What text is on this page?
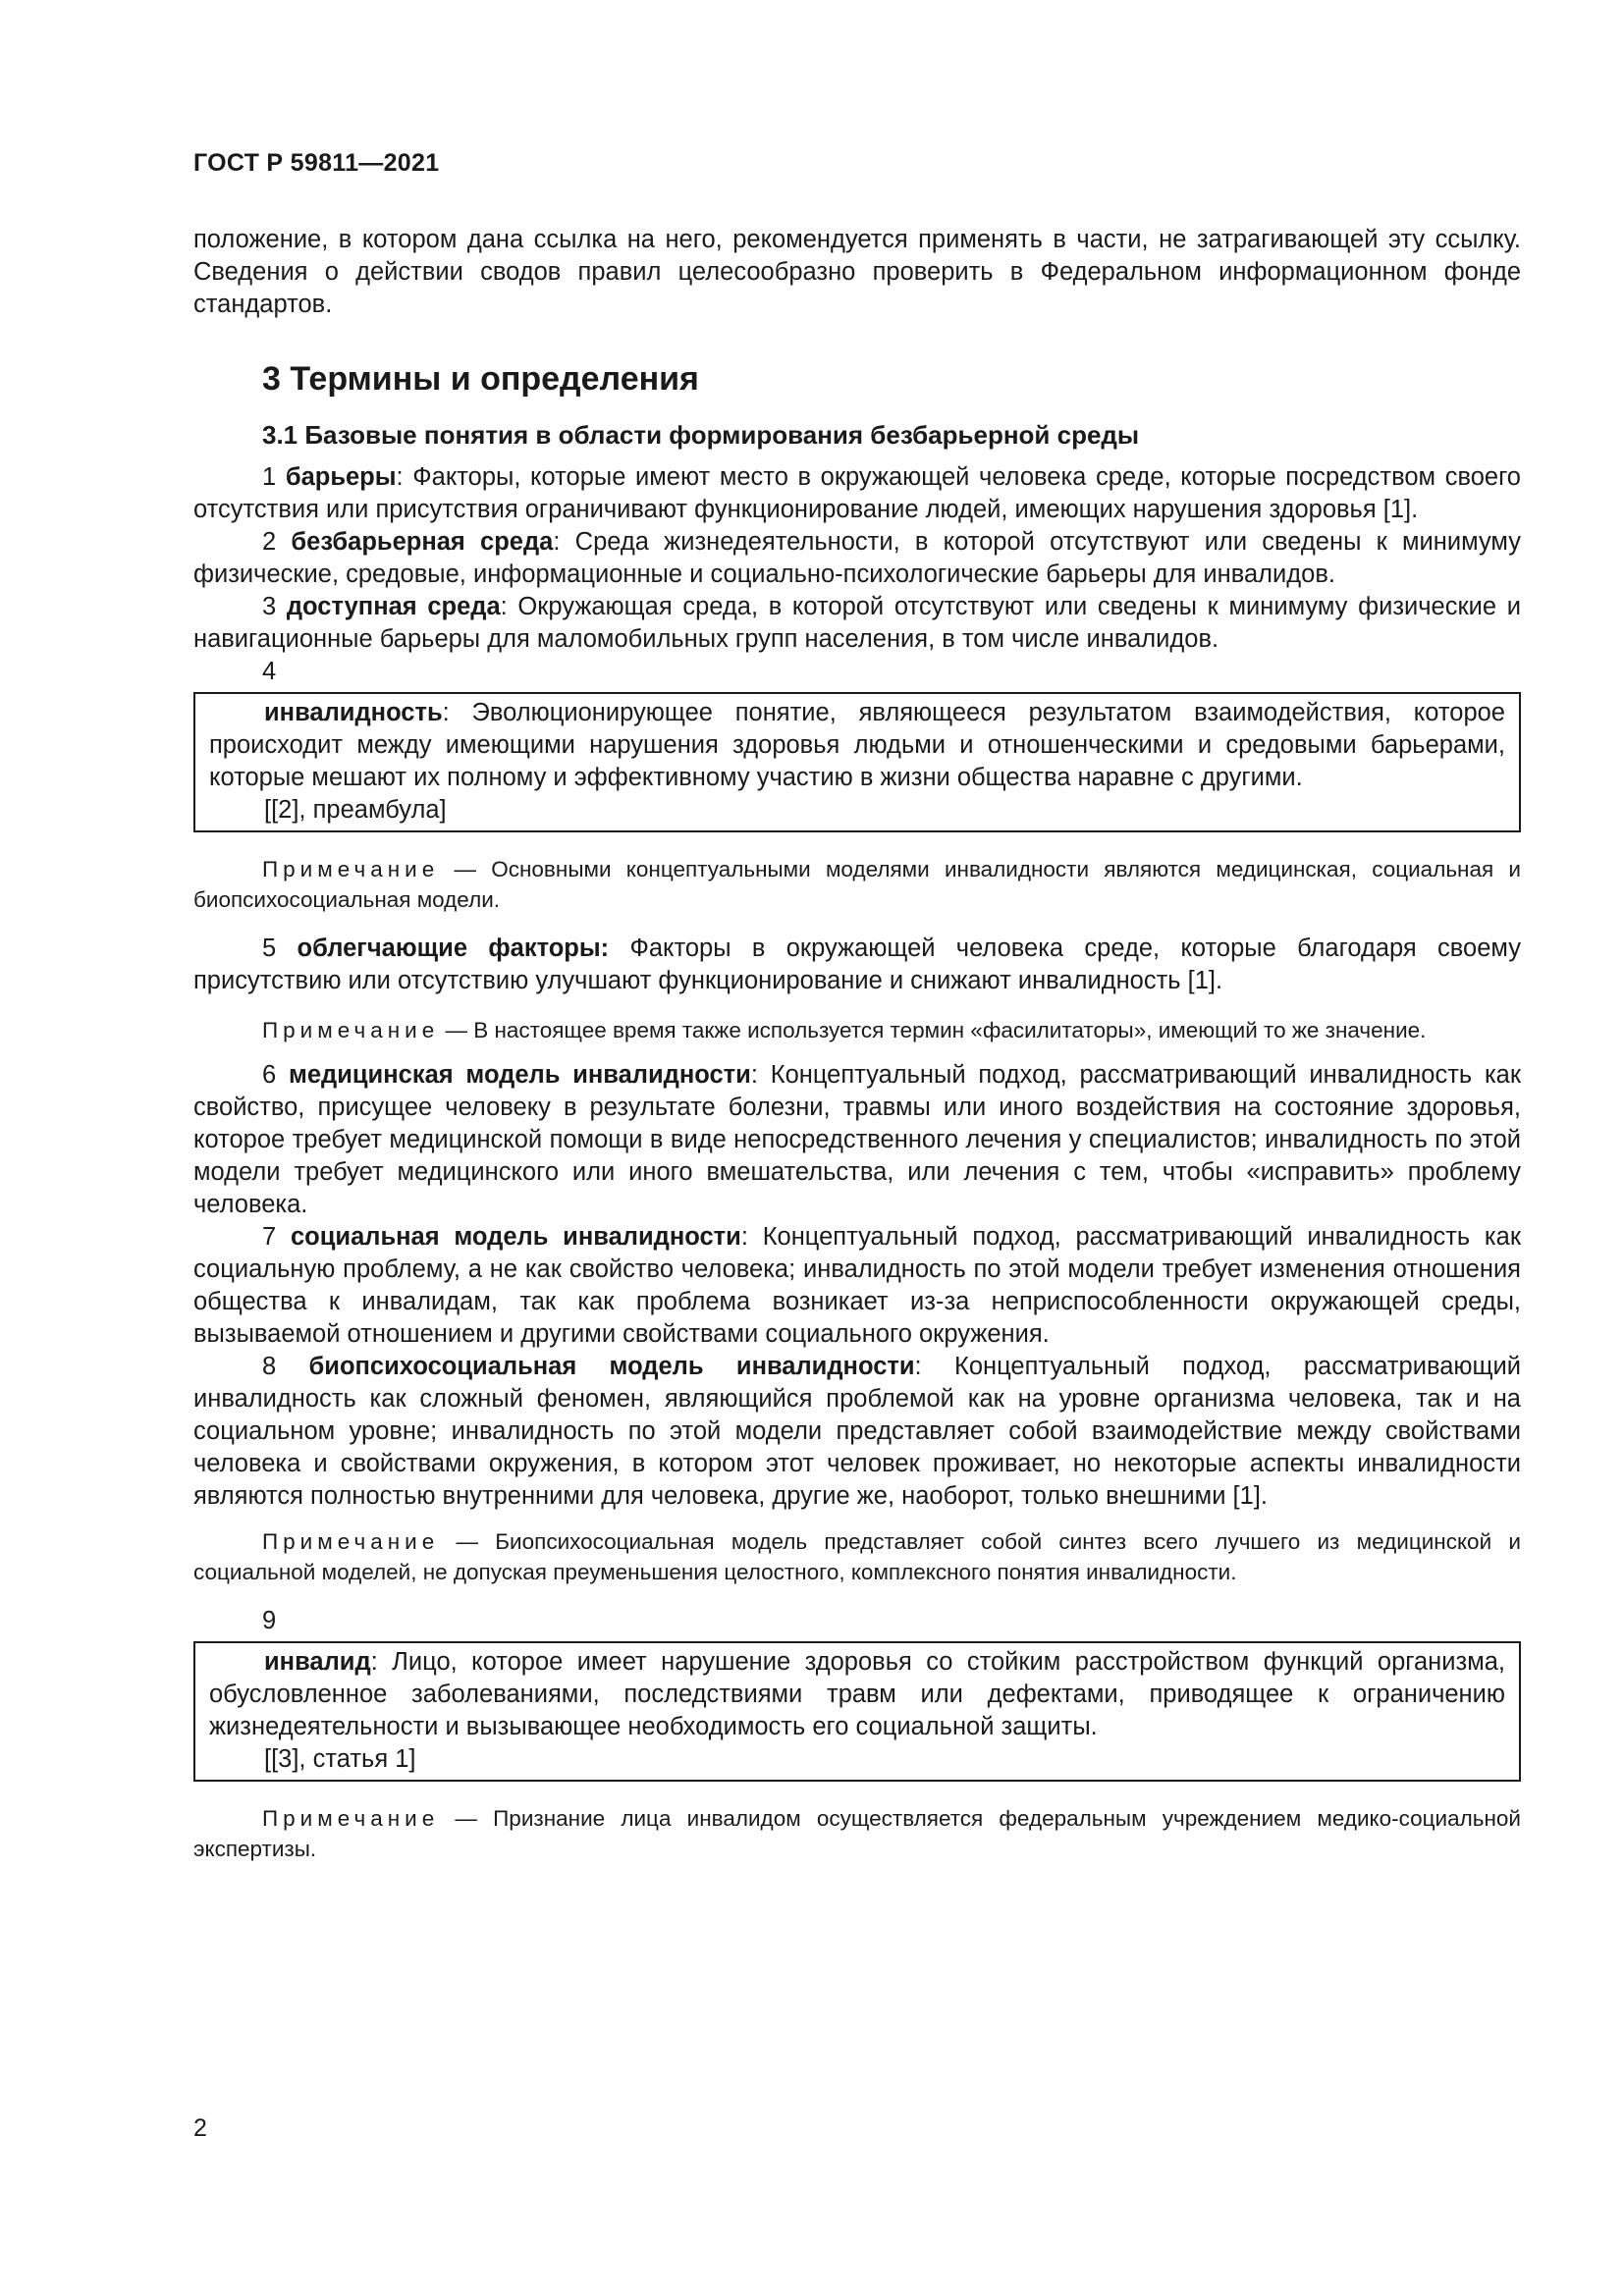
ГОСТ Р 59811—2021

положение, в котором дана ссылка на него, рекомендуется применять в части, не затрагивающей эту ссылку. Сведения о действии сводов правил целесообразно проверить в Федеральном информационном фонде стандартов.

3 Термины и определения
3.1 Базовые понятия в области формирования безбарьерной среды

1 барьеры: Факторы, которые имеют место в окружающей человека среде, которые посредством своего отсутствия или присутствия ограничивают функционирование людей, имеющих нарушения здоровья [1].

2 безбарьерная среда: Среда жизнедеятельности, в которой отсутствуют или сведены к минимуму физические, средовые, информационные и социально-психологические барьеры для инвалидов.

3 доступная среда: Окружающая среда, в которой отсутствуют или сведены к минимуму физические и навигационные барьеры для маломобильных групп населения, в том числе инвалидов.

4

инвалидность: Эволюционирующее понятие, являющееся результатом взаимодействия, которое происходит между имеющими нарушения здоровья людьми и отношенческими и средовыми барьерами, которые мешают их полному и эффективному участию в жизни общества наравне с другими.

[[2], преамбула]

Примечание — Основными концептуальными моделями инвалидности являются медицинская, социальная и биопсихосоциальная модели.

5 облегчающие факторы: Факторы в окружающей человека среде, которые благодаря своему присутствию или отсутствию улучшают функционирование и снижают инвалидность [1].

Примечание — В настоящее время также используется термин «фасилитаторы», имеющий то же значение.

6 медицинская модель инвалидности: Концептуальный подход, рассматривающий инвалидность как свойство, присущее человеку в результате болезни, травмы или иного воздействия на состояние здоровья, которое требует медицинской помощи в виде непосредственного лечения у специалистов; инвалидность по этой модели требует медицинского или иного вмешательства, или лечения с тем, чтобы «исправить» проблему человека.

7 социальная модель инвалидности: Концептуальный подход, рассматривающий инвалидность как социальную проблему, а не как свойство человека; инвалидность по этой модели требует изменения отношения общества к инвалидам, так как проблема возникает из-за неприспособленности окружающей среды, вызываемой отношением и другими свойствами социального окружения.

8 биопсихосоциальная модель инвалидности: Концептуальный подход, рассматривающий инвалидность как сложный феномен, являющийся проблемой как на уровне организма человека, так и на социальном уровне; инвалидность по этой модели представляет собой взаимодействие между свойствами человека и свойствами окружения, в котором этот человек проживает, но некоторые аспекты инвалидности являются полностью внутренними для человека, другие же, наоборот, только внешними [1].

Примечание — Биопсихосоциальная модель представляет собой синтез всего лучшего из медицинской и социальной моделей, не допуская преуменьшения целостного, комплексного понятия инвалидности.

9

инвалид: Лицо, которое имеет нарушение здоровья со стойким расстройством функций организма, обусловленное заболеваниями, последствиями травм или дефектами, приводящее к ограничению жизнедеятельности и вызывающее необходимость его социальной защиты.

[[3], статья 1]

Примечание — Признание лица инвалидом осуществляется федеральным учреждением медико-социальной экспертизы.

2
